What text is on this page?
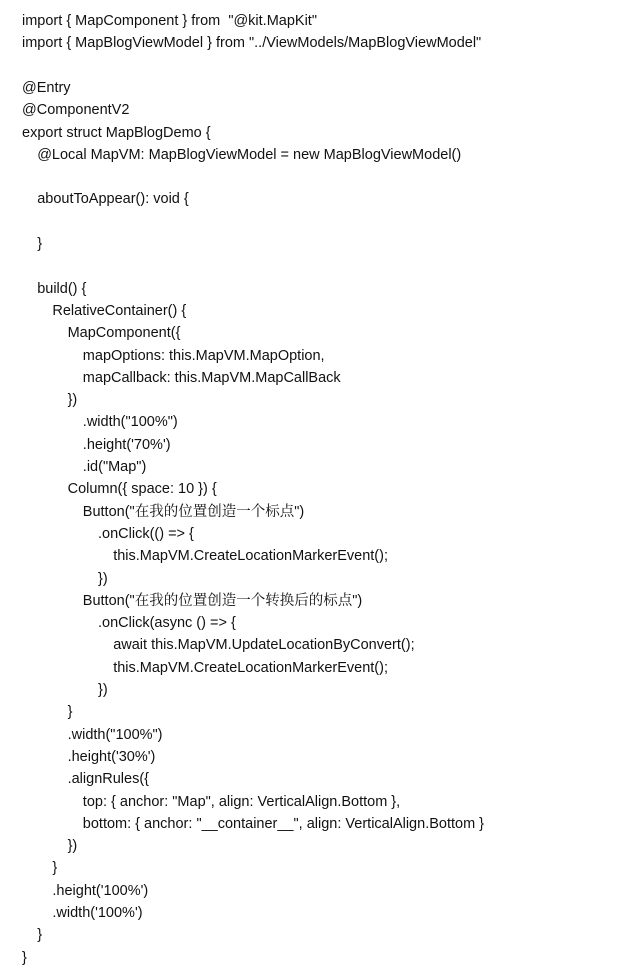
import { MapComponent } from  "@kit.MapKit"
import { MapBlogViewModel } from "../ViewModels/MapBlogViewModel"
@Entry
@ComponentV2
export struct MapBlogDemo {
@Local MapVM: MapBlogViewModel = new MapBlogViewModel()
aboutToAppear(): void {
}
build() {
RelativeContainer() {
MapComponent({
mapOptions: this.MapVM.MapOption,
mapCallback: this.MapVM.MapCallBack
})
.width("100%")
.height('70%')
.id("Map")
Column({ space: 10 }) {
Button("在我的位置创造一个标点")
.onClick(() => {
this.MapVM.CreateLocationMarkerEvent();
})
Button("在我的位置创造一个转换后的标点")
.onClick(async () => {
await this.MapVM.UpdateLocationByConvert();
this.MapVM.CreateLocationMarkerEvent();
})
}
.width("100%")
.height('30%')
.alignRules({
top: { anchor: "Map", align: VerticalAlign.Bottom },
bottom: { anchor: "__container__", align: VerticalAlign.Bottom }
})
}
.height('100%')
.width('100%')
}
}
